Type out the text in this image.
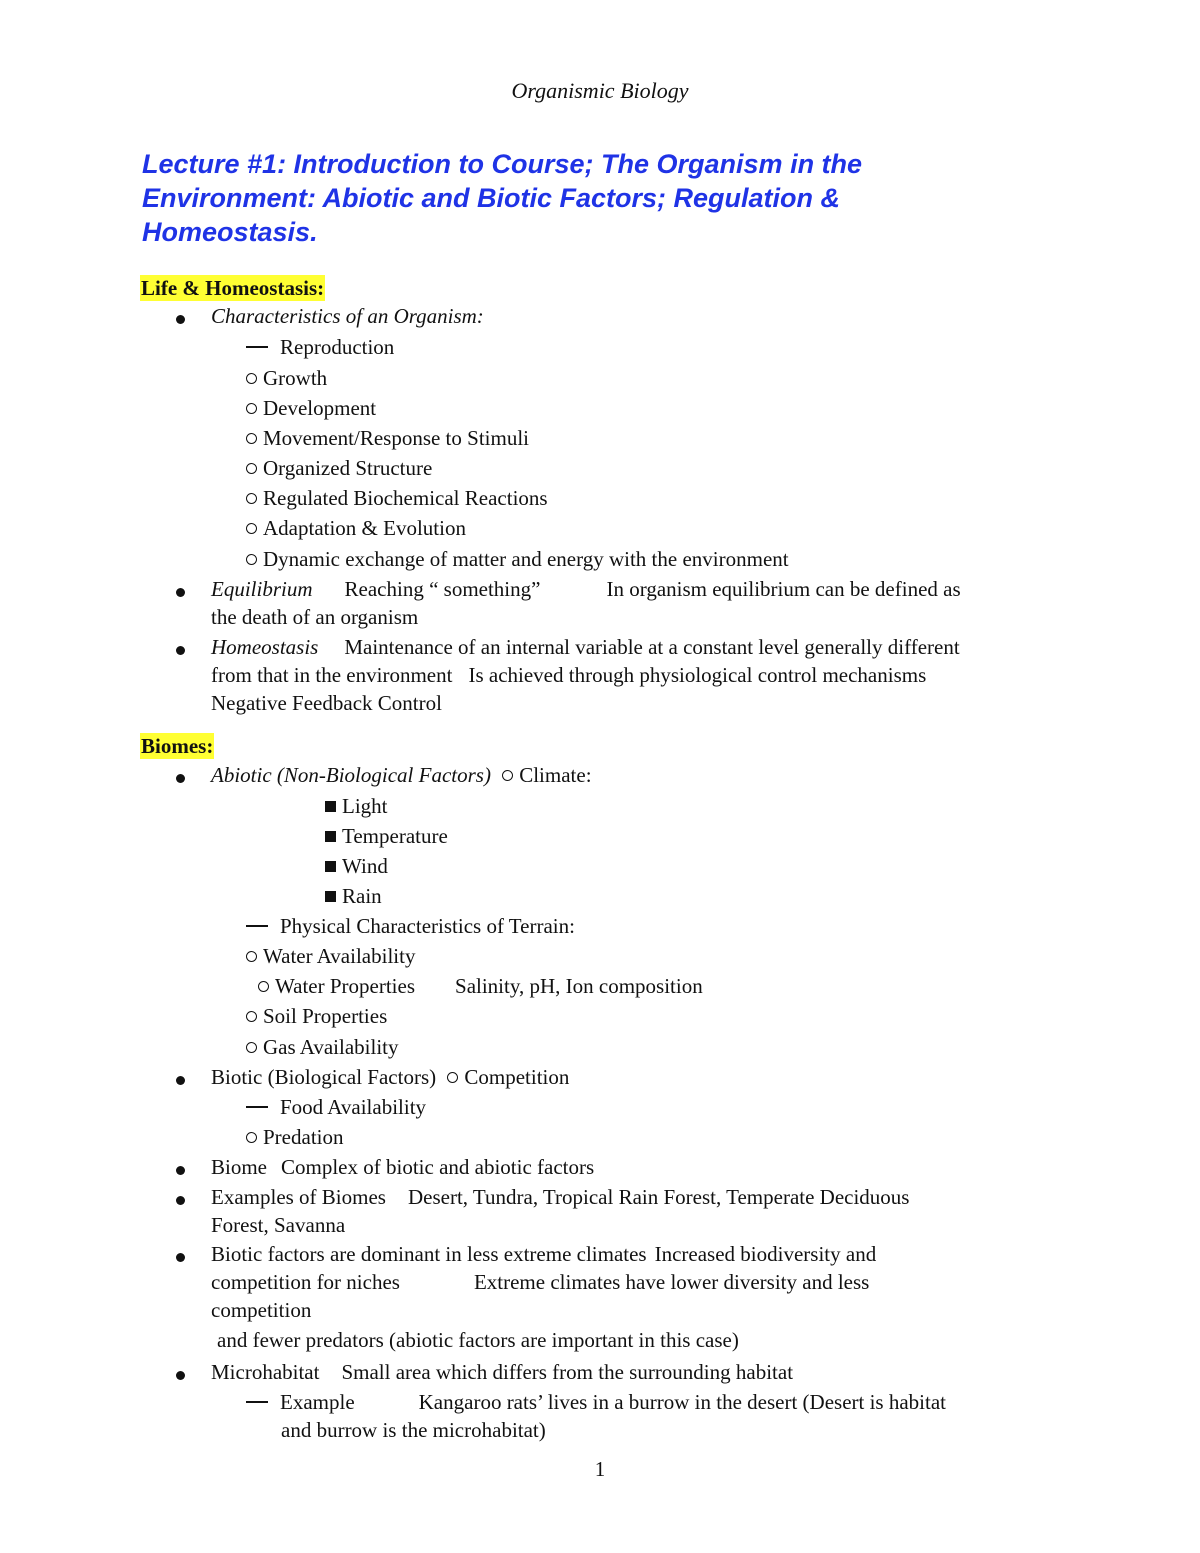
Organismic Biology
Lecture #1: Introduction to Course; The Organism in the
Environment: Abiotic and Biotic Factors; Regulation &
Homeostasis.
Life & Homeostasis:
Characteristics of an Organism:
Reproduction
Growth
Development
Movement/Response to Stimuli
Organized Structure
Regulated Biochemical Reactions
Adaptation & Evolution
Dynamic exchange of matter and energy with the environment
Equilibrium Reaching “ something”	In organism equilibrium can be defined as
the death of an organism
Homeostasis Maintenance of an internal variable at a constant level generally different
from that in the environment Is achieved through physiological control mechanisms
Negative Feedback Control
Biomes:
Abiotic (Non-Biological Factors) Climate:
Light
Temperature
Wind
Rain
Physical Characteristics of Terrain:
Water Availability
Water Properties Salinity, pH, Ion composition
Soil Properties
Gas Availability
Biotic (Biological Factors) Competition
Food Availability
Predation
Biome Complex of biotic and abiotic factors
Examples of Biomes Desert, Tundra, Tropical Rain Forest, Temperate Deciduous
Forest, Savanna
Biotic factors are dominant in less extreme climates Increased biodiversity and
competition for niches	Extreme climates have lower diversity and less
competition
and fewer predators (abiotic factors are important in this case)
Microhabitat Small area which differs from the surrounding habitat
Example	Kangaroo rats’ lives in a burrow in the desert (Desert is habitat
and burrow is the microhabitat)
1
